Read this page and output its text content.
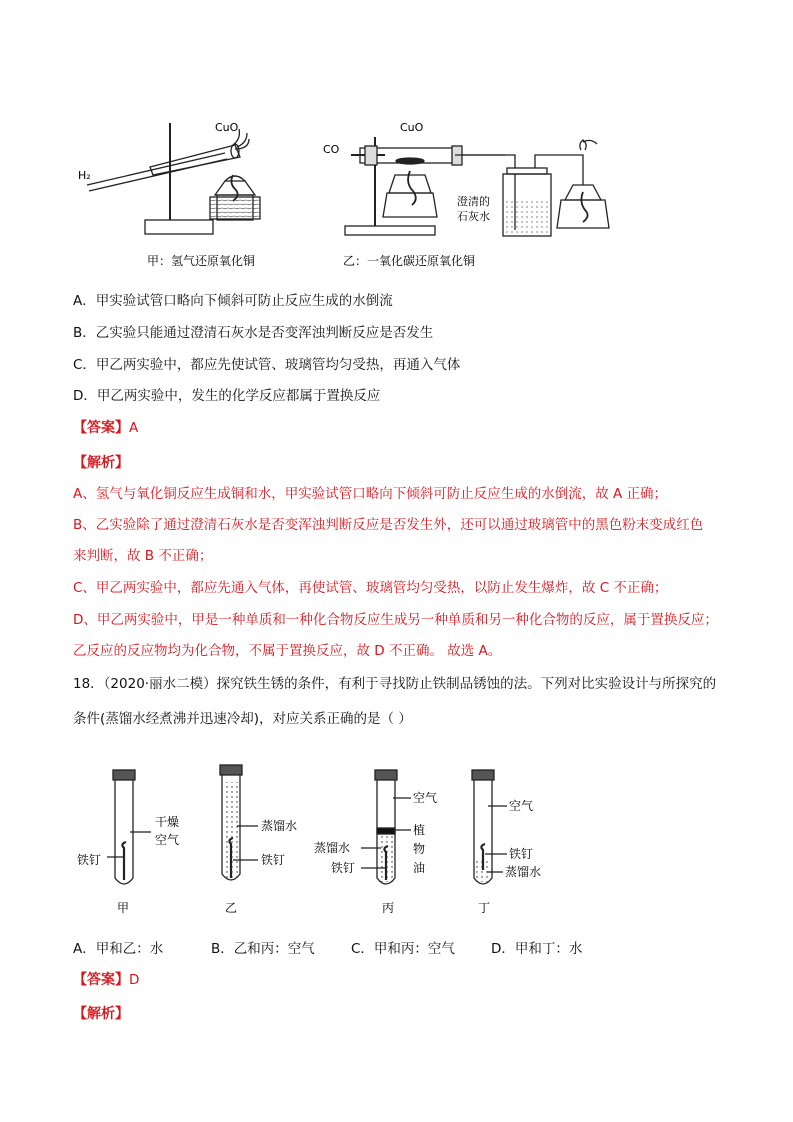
H₂
CuO
甲：氢气还原氧化铜
CuO
CO
乙：一氧化碳还原氧化铜
澄清的
石灰水
A．甲实验试管口略向下倾斜可防止反应生成的水倒流
B．乙实验只能通过澄清石灰水是否变浑浊判断反应是否发生
C．甲乙两实验中，都应先使试管、玻璃管均匀受热，再通入气体
D．甲乙两实验中，发生的化学反应都属于置换反应
【答案】A
【解析】
A、氢气与氧化铜反应生成铜和水，甲实验试管口略向下倾斜可防止反应生成的水倒流，故 A 正确；
B、乙实验除了通过澄清石灰水是否变浑浊判断反应是否发生外，还可以通过玻璃管中的黑色粉末变成红色
来判断，故 B 不正确；
C、甲乙两实验中，都应先通入气体，再使试管、玻璃管均匀受热，以防止发生爆炸，故 C 不正确；
D、甲乙两实验中，甲是一种单质和一种化合物反应生成另一种单质和另一种化合物的反应，属于置换反应；
乙反应的反应物均为化合物，不属于置换反应，故 D 不正确。 故选 A。
18．（2020·丽水二模）探究铁生锈的条件，有利于寻找防止铁制品锈蚀的法。下列对比实验设计与所探究的
条件(蒸馏水经煮沸并迅速冷却)，对应关系正确的是（ ）
干燥
空气
铁钉
甲
蒸馏水
铁钉
乙
空气
植
物
油
蒸馏水
铁钉
丙
空气
铁钉
蒸馏水
丁
A．甲和乙：水	B．乙和丙：空气	C．甲和丙：空气	D．甲和丁：水
【答案】D
【解析】
